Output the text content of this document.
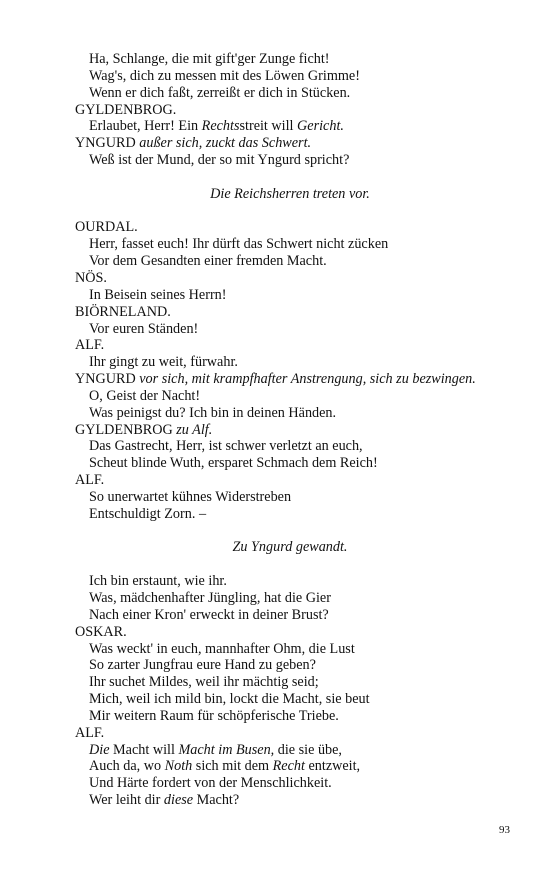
Ha, Schlange, die mit gift'ger Zunge ficht!
Wag's, dich zu messen mit des Löwen Grimme!
Wenn er dich faßt, zerreißt er dich in Stücken.
GYLDENBROG.
Erlaubet, Herr! Ein Rechtsstreit will Gericht.
YNGURD außer sich, zuckt das Schwert.
Weß ist der Mund, der so mit Yngurd spricht?
Die Reichsherren treten vor.
OURDAL.
Herr, fasset euch! Ihr dürft das Schwert nicht zücken
Vor dem Gesandten einer fremden Macht.
NÖS.
In Beisein seines Herrn!
BIÖRNELAND.
Vor euren Ständen!
ALF.
Ihr gingt zu weit, fürwahr.
YNGURD vor sich, mit krampfhafter Anstrengung, sich zu bezwingen.
O, Geist der Nacht!
Was peinigst du? Ich bin in deinen Händen.
GYLDENBROG zu Alf.
Das Gastrecht, Herr, ist schwer verletzt an euch,
Scheut blinde Wuth, ersparet Schmach dem Reich!
ALF.
So unerwartet kühnes Widerstreben
Entschuldigt Zorn. –
Zu Yngurd gewandt.
Ich bin erstaunt, wie ihr.
Was, mädchenhafter Jüngling, hat die Gier
Nach einer Kron' erweckt in deiner Brust?
OSKAR.
Was weckt' in euch, mannhafter Ohm, die Lust
So zarter Jungfrau eure Hand zu geben?
Ihr suchet Mildes, weil ihr mächtig seid;
Mich, weil ich mild bin, lockt die Macht, sie beut
Mir weitern Raum für schöpferische Triebe.
ALF.
Die Macht will Macht im Busen, die sie übe,
Auch da, wo Noth sich mit dem Recht entzweit,
Und Härte fordert von der Menschlichkeit.
Wer leiht dir diese Macht?
93
